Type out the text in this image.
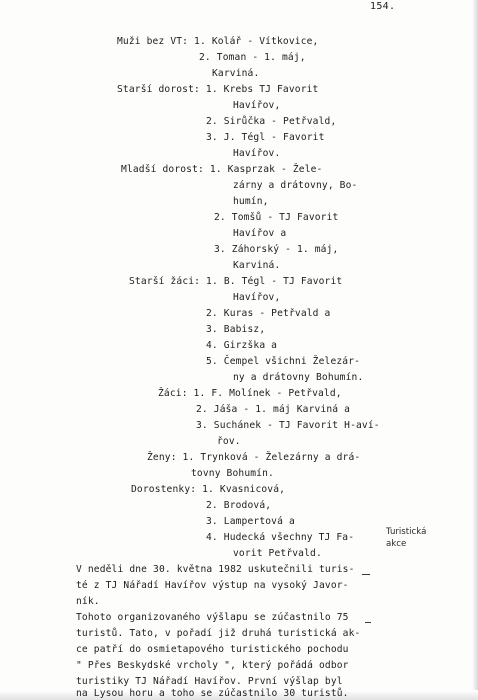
154.
Muži bez VT: 1. Kolář - Vítkovice,
2. Toman - 1. máj,
Karviná.
Starší dorost: 1. Krebs TJ Favorit
Havířov,
2. Sirůčka - Petřvald,
3. J. Tégl - Favorit
Havířov.
Mladší dorost: 1. Kasprzak - Žele-
zárny a drátovny, Bo-
humín,
2. Tomšů - TJ Favorit
Havířov a
3. Záhorský - 1. máj,
Karviná.
Starší žáci: 1. B. Tégl - TJ Favorit
Havířov,
2. Kuras - Petřvald a
3. Babisz,
4. Girzška a
5. Čempel všichni Železár-
ny a drátovny Bohumín.
Žáci: 1. F. Molínek - Petřvald,
2. Jáša - 1. máj Karviná a
3. Suchánek - TJ Favorit H-aví-
řov.
Ženy: 1. Trynková - Železárny a drá-
tovny Bohumín.
Dorostenky: 1. Kvasnicová,
2. Brodová,
3. Lampertová a
4. Hudecká všechny TJ Fa-
vorit Petřvald.
V neděli dne 30. května 1982 uskutečnili turis-
té z TJ Nářadí Havířov výstup na vysoký Javor-
ník.
Tohoto organizovaného výšlapu se zúčastnilo 75
turistů. Tato, v pořadí již druhá turistická ak-
ce patří do osmietapového turistického pochodu
" Přes Beskydské vrcholy ", který pořádá odbor
turistiky TJ Nářadí Havířov. První výšlap byl
na Lysou horu a toho se zúčastnilo 30 turistů.
Turistická
akce
